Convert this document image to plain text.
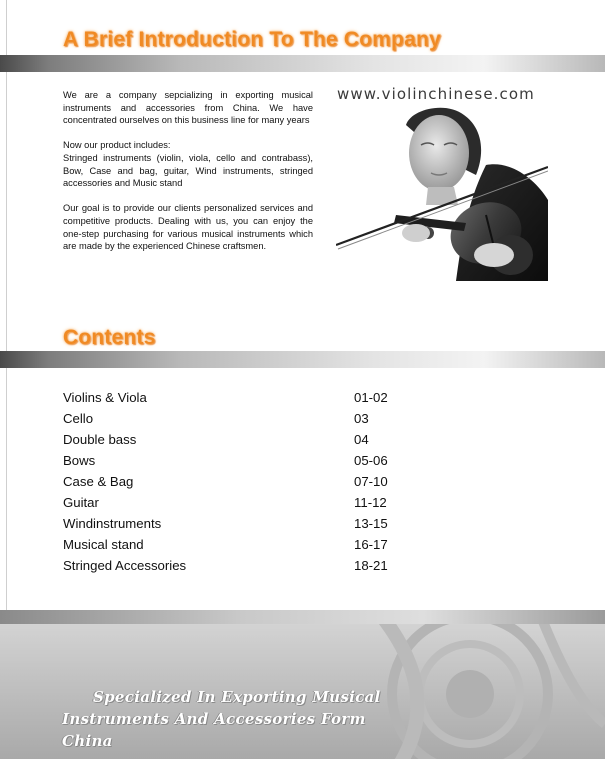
A Brief Introduction To The Company

We are a company sepcializing in exporting musical instruments and accessories from China. We have concentrated ourselves on this business line for many years

Now our product includes:
Stringed instruments (violin, viola, cello and contrabass), Bow, Case and bag, guitar, Wind instruments, stringed accessories and Music stand

Our goal is to provide our clients personalized services and competitive products. Dealing with us, you can enjoy the one-step purchasing for various musical instruments which are made by the experienced Chinese craftsmen.

www.violinchinese.com
Contents
Violins & Viola	01-02
Cello	03
Double bass	04
Bows	05-06
Case & Bag	07-10
Guitar	11-12
Windinstruments	13-15
Musical stand	16-17
Stringed Accessories	18-21
Specialized In Exporting Musical
Instruments And Accessories Form China
